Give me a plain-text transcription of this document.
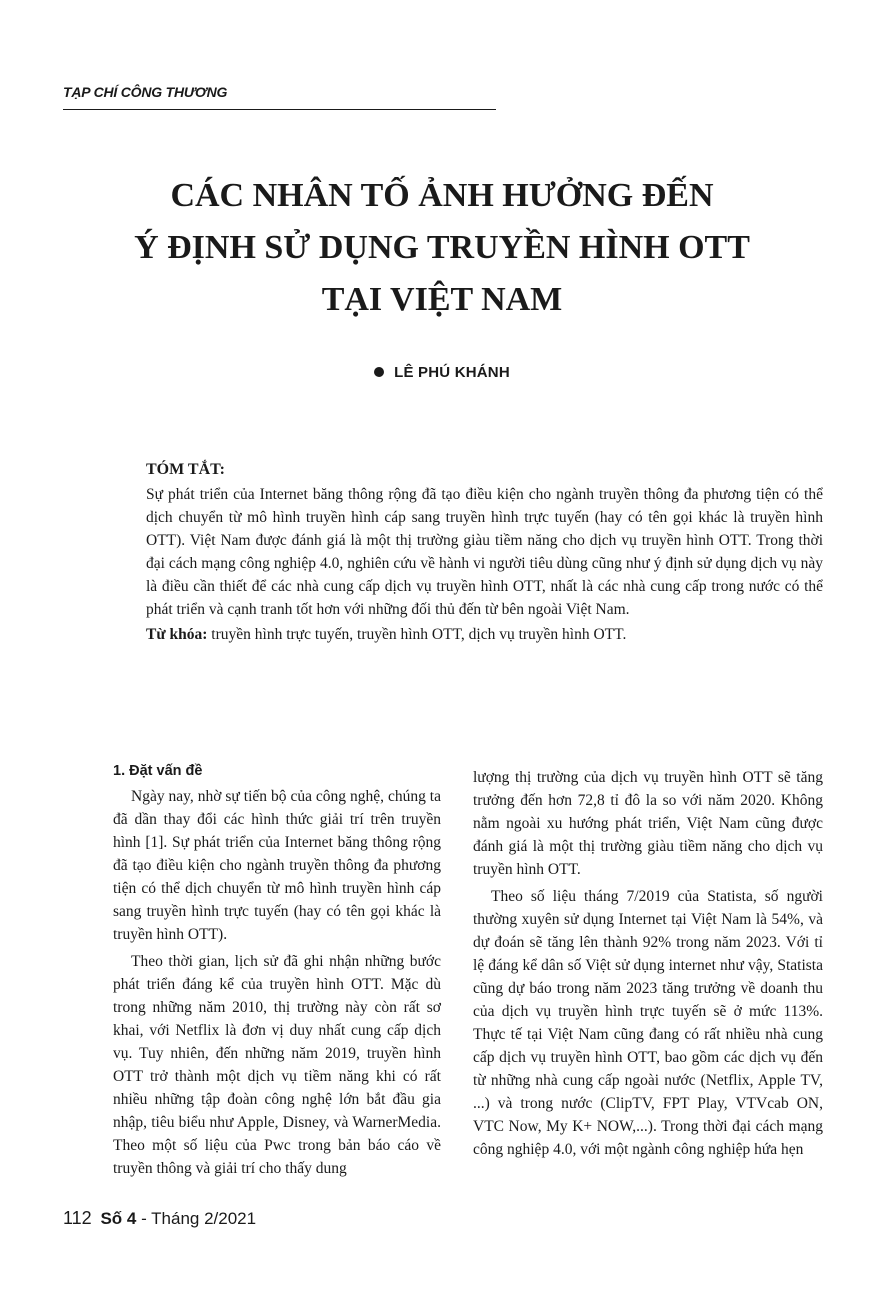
TẠP CHÍ CÔNG THƯƠNG
CÁC NHÂN TỐ ẢNH HƯỞNG ĐẾN
Ý ĐỊNH SỬ DỤNG TRUYỀN HÌNH OTT
TẠI VIỆT NAM
LÊ PHÚ KHÁNH
TÓM TẮT:

Sự phát triển của Internet băng thông rộng đã tạo điều kiện cho ngành truyền thông đa phương tiện có thể dịch chuyển từ mô hình truyền hình cáp sang truyền hình trực tuyến (hay có tên gọi khác là truyền hình OTT). Việt Nam được đánh giá là một thị trường giàu tiềm năng cho dịch vụ truyền hình OTT. Trong thời đại cách mạng công nghiệp 4.0, nghiên cứu về hành vi người tiêu dùng cũng như ý định sử dụng dịch vụ này là điều cần thiết để các nhà cung cấp dịch vụ truyền hình OTT, nhất là các nhà cung cấp trong nước có thể phát triển và cạnh tranh tốt hơn với những đối thủ đến từ bên ngoài Việt Nam.

Từ khóa: truyền hình trực tuyến, truyền hình OTT, dịch vụ truyền hình OTT.

1. Đặt vấn đề

Ngày nay, nhờ sự tiến bộ của công nghệ, chúng ta đã dần thay đổi các hình thức giải trí trên truyền hình [1]. Sự phát triển của Internet băng thông rộng đã tạo điều kiện cho ngành truyền thông đa phương tiện có thể dịch chuyển từ mô hình truyền hình cáp sang truyền hình trực tuyến (hay có tên gọi khác là truyền hình OTT).

Theo thời gian, lịch sử đã ghi nhận những bước phát triển đáng kể của truyền hình OTT. Mặc dù trong những năm 2010, thị trường này còn rất sơ khai, với Netflix là đơn vị duy nhất cung cấp dịch vụ. Tuy nhiên, đến những năm 2019, truyền hình OTT trở thành một dịch vụ tiềm năng khi có rất nhiều những tập đoàn công nghệ lớn bắt đầu gia nhập, tiêu biểu như Apple, Disney, và WarnerMedia. Theo một số liệu của Pwc trong bản báo cáo về truyền thông và giải trí cho thấy dung

lượng thị trường của dịch vụ truyền hình OTT sẽ tăng trưởng đến hơn 72,8 tỉ đô la so với năm 2020. Không nằm ngoài xu hướng phát triển, Việt Nam cũng được đánh giá là một thị trường giàu tiềm năng cho dịch vụ truyền hình OTT.

Theo số liệu tháng 7/2019 của Statista, số người thường xuyên sử dụng Internet tại Việt Nam là 54%, và dự đoán sẽ tăng lên thành 92% trong năm 2023. Với tỉ lệ đáng kể dân số Việt sử dụng internet như vậy, Statista cũng dự báo trong năm 2023 tăng trưởng về doanh thu của dịch vụ truyền hình trực tuyến sẽ ở mức 113%. Thực tế tại Việt Nam cũng đang có rất nhiều nhà cung cấp dịch vụ truyền hình OTT, bao gồm các dịch vụ đến từ những nhà cung cấp ngoài nước (Netflix, Apple TV, ...) và trong nước (ClipTV, FPT Play, VTVcab ON, VTC Now, My K+ NOW,...). Trong thời đại cách mạng công nghiệp 4.0, với một ngành công nghiệp hứa hẹn

112 Số 4 - Tháng 2/2021
